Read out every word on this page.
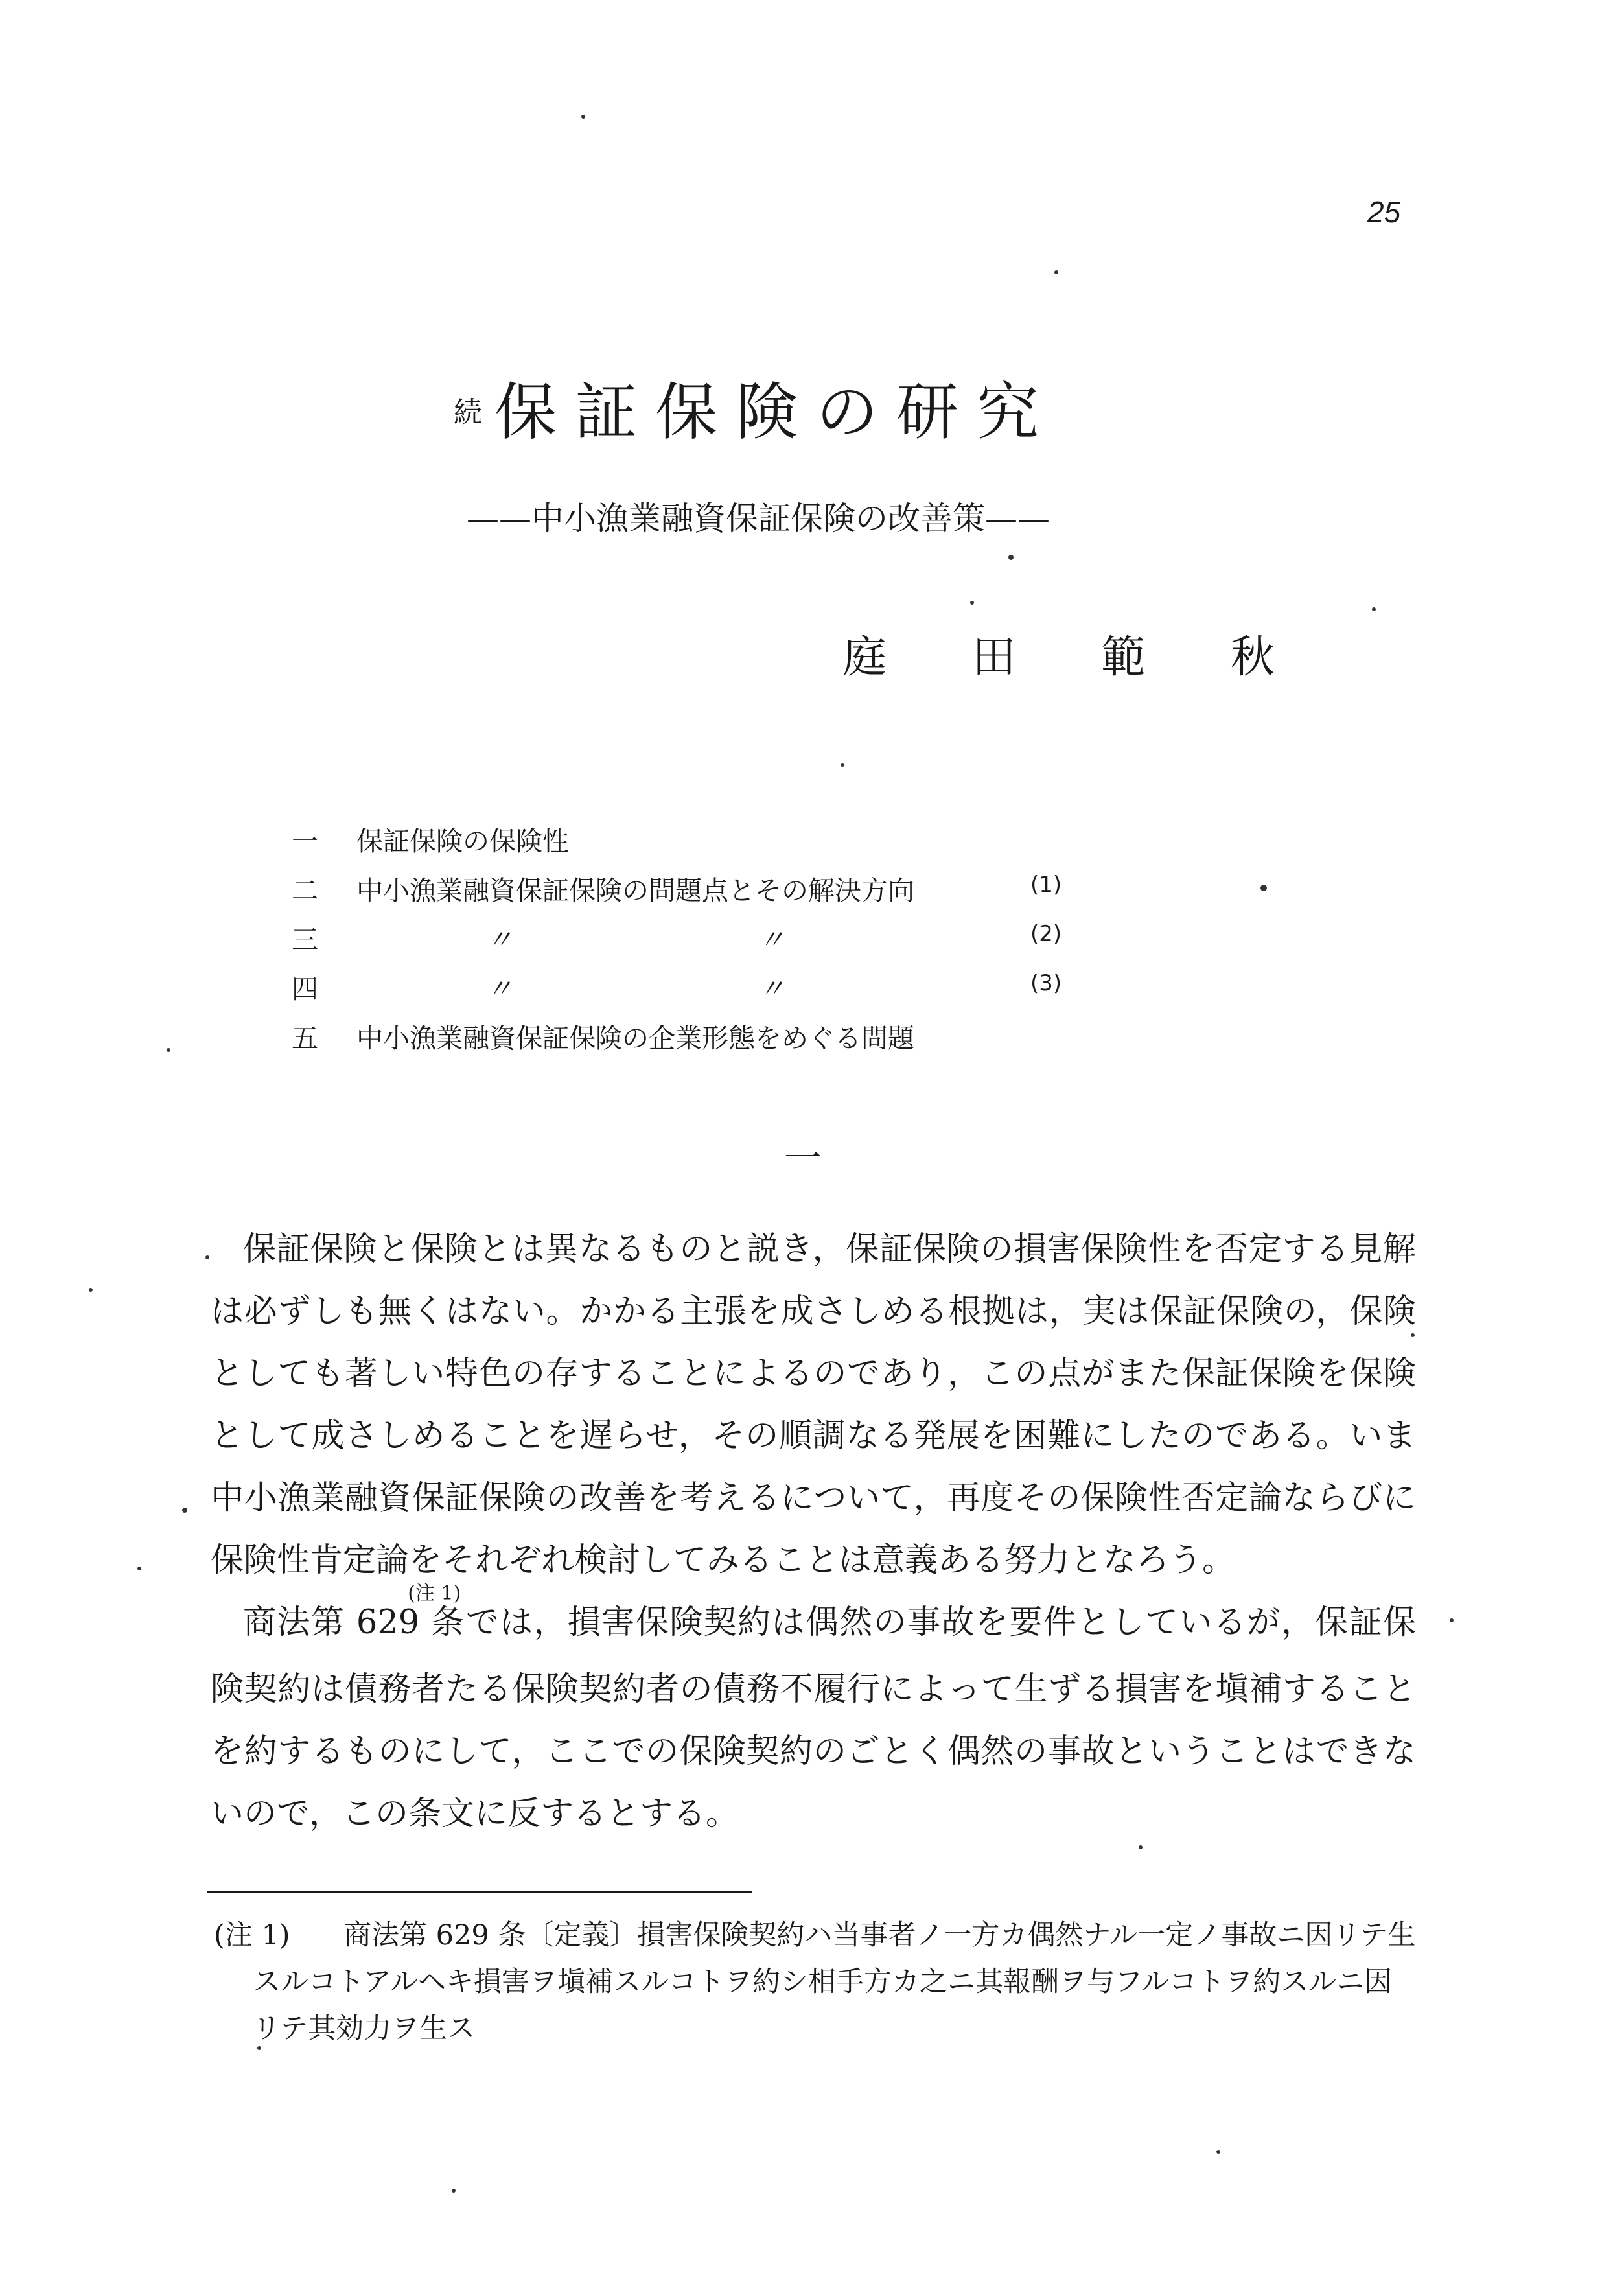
25
続 保証保険の研究
——中小漁業融資保証保険の改善策——
庭 田 範 秋
一	保証保険の保険性
二	中小漁業融資保証保険の問題点とその解決方向	(1)
三	〃	〃	(2)
四	〃	〃	(3)
五	中小漁業融資保証保険の企業形態をめぐる問題
一

保証保険と保険とは異なるものと説き，保証保険の損害保険性を否定する見解は必ずしも無くはない。かかる主張を成さしめる根拠は，実は保証保険の，保険としても著しい特色の存することによるのであり，この点がまた保証保険を保険として成さしめることを遅らせ，その順調なる発展を困難にしたのである。いま中小漁業融資保証保険の改善を考えるについて，再度その保険性否定論ならびに保険性肯定論をそれぞれ検討してみることは意義ある努力となろう。

商法第 629 条(注 1)では，損害保険契約は偶然の事故を要件としているが，保証保険契約は債務者たる保険契約者の債務不履行によって生ずる損害を塡補することを約するものにして，ここでの保険契約のごとく偶然の事故ということはできないので，この条文に反するとする。

(注 1)	商法第 629 条〔定義〕損害保険契約ハ当事者ノ一方カ偶然ナル一定ノ事故ニ因リテ生スルコトアルヘキ損害ヲ塡補スルコトヲ約シ相手方カ之ニ其報酬ヲ与フルコトヲ約スルニ因リテ其効力ヲ生ス
